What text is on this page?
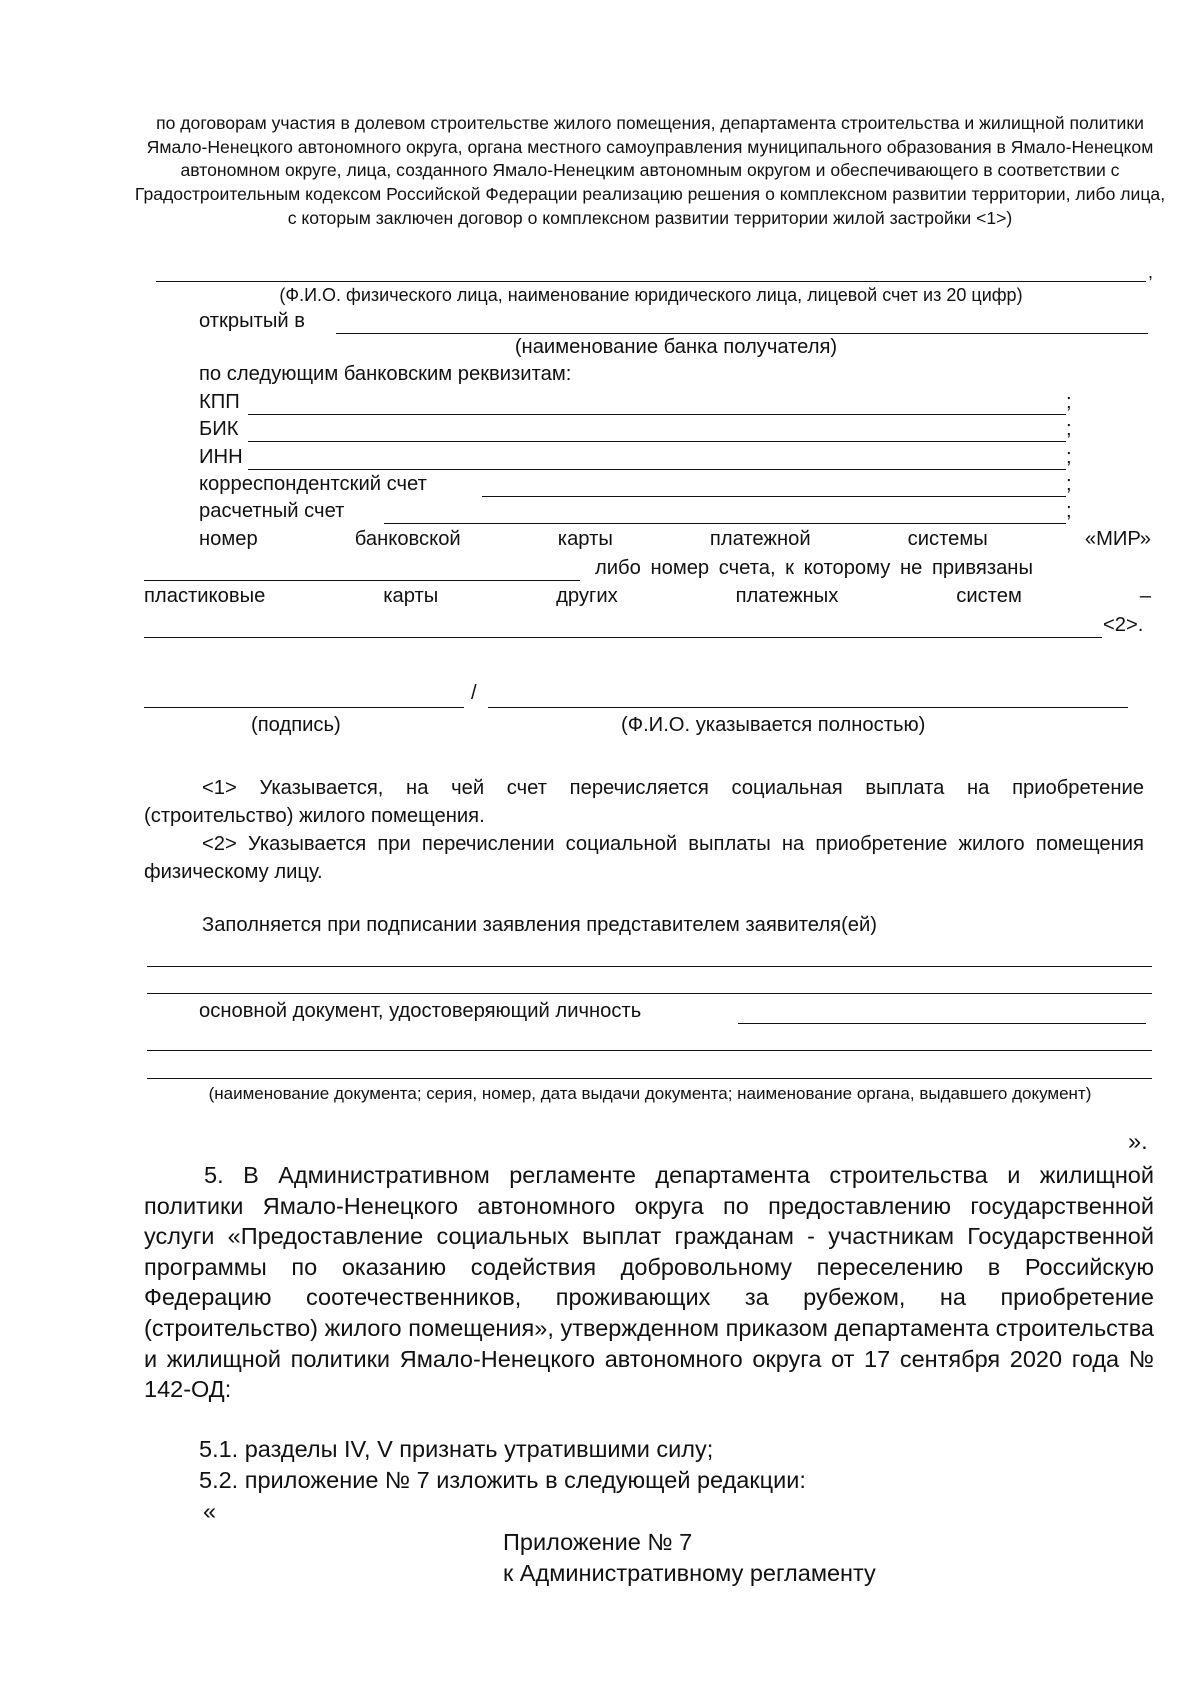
по договорам участия в долевом строительстве жилого помещения, департамента строительства и жилищной политики Ямало-Ненецкого автономного округа, органа местного самоуправления муниципального образования в Ямало-Ненецком автономном округе, лица, созданного Ямало-Ненецким автономным округом и обеспечивающего в соответствии с Градостроительным кодексом Российской Федерации реализацию решения о комплексном развитии территории, либо лица, с которым заключен договор о комплексном развитии территории жилой застройки <1>)
,
(Ф.И.О. физического лица, наименование юридического лица, лицевой счет из 20 цифр)
открытый в
(наименование банка получателя)
по следующим банковским реквизитам:
КПП	;
БИК	;
ИНН	;
корреспондентский счет	;
расчетный счет	;
номер	банковской	карты	платежной	системы	«МИР»
либо номер счета, к которому не привязаны
пластиковые	карты	других	платежных	систем	–
<2>.
/
(подпись)	(Ф.И.О. указывается полностью)
<1> Указывается, на чей счет перечисляется социальная выплата на приобретение (строительство) жилого помещения.
<2> Указывается при перечислении социальной выплаты на приобретение жилого помещения физическому лицу.
Заполняется при подписании заявления представителем заявителя(ей)
основной документ, удостоверяющий личность
(наименование документа; серия, номер, дата выдачи документа; наименование органа, выдавшего документ)
».
5. В Административном регламенте департамента строительства и жилищной политики Ямало-Ненецкого автономного округа по предоставлению государственной услуги «Предоставление социальных выплат гражданам - участникам Государственной программы по оказанию содействия добровольному переселению в Российскую Федерацию соотечественников, проживающих за рубежом, на приобретение (строительство) жилого помещения», утвержденном приказом департамента строительства и жилищной политики Ямало-Ненецкого автономного округа от 17 сентября 2020 года № 142-ОД:
5.1. разделы IV, V признать утратившими силу;
5.2. приложение № 7 изложить в следующей редакции:
«
Приложение № 7
к Административному регламенту
